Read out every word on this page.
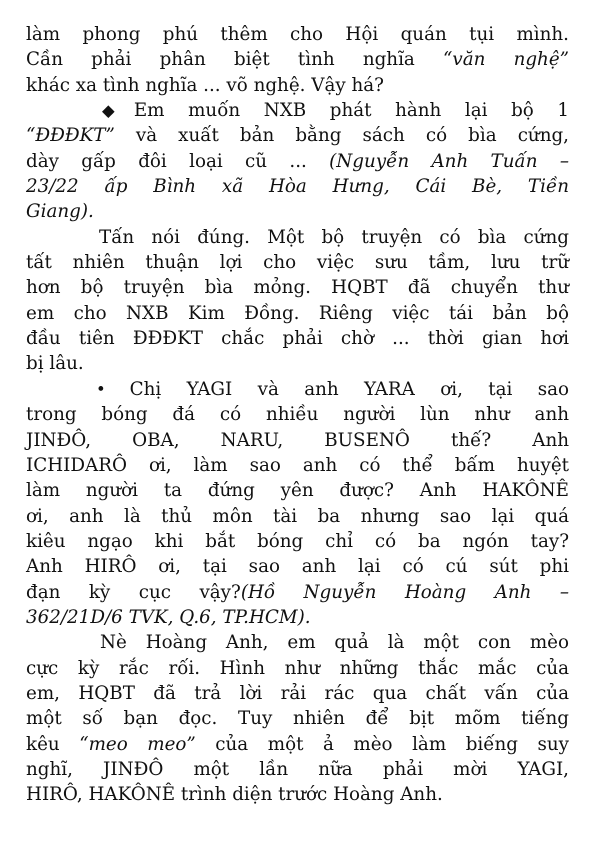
làm phong phú thêm cho Hội quán tụi mình.
Cần phải phân biệt tình nghĩa “văn nghệ”
khác xa tình nghĩa ... võ nghệ. Vậy há?
◆ Em muốn NXB phát hành lại bộ 1
“ĐĐĐKT” và xuất bản bằng sách có bìa cứng,
dày gấp đôi loại cũ ... (Nguyễn Anh Tuấn –
23/22 ấp Bình xã Hòa Hưng, Cái Bè, Tiền
Giang).
Tấn nói đúng. Một bộ truyện có bìa cứng
tất nhiên thuận lợi cho việc sưu tầm, lưu trữ
hơn bộ truyện bìa mỏng. HQBT đã chuyển thư
em cho NXB Kim Đồng. Riêng việc tái bản bộ
đầu tiên ĐĐĐKT chắc phải chờ ... thời gian hơi
bị lâu.
• Chị YAGI và anh YARA ơi, tại sao
trong bóng đá có nhiều người lùn như anh
JINĐÔ, OBA, NARU, BUSENÔ thế? Anh
ICHIDARÔ ơi, làm sao anh có thể bấm huyệt
làm người ta đứng yên được? Anh HAKÔNÊ
ơi, anh là thủ môn tài ba nhưng sao lại quá
kiêu ngạo khi bắt bóng chỉ có ba ngón tay?
Anh HIRÔ ơi, tại sao anh lại có cú sút phi
đạn kỳ cục vậy?(Hồ Nguyễn Hoàng Anh –
362/21D/6 TVK, Q.6, TP.HCM).
Nè Hoàng Anh, em quả là một con mèo
cực kỳ rắc rối. Hình như những thắc mắc của
em, HQBT đã trả lời rải rác qua chất vấn của
một số bạn đọc. Tuy nhiên để bịt mõm tiếng
kêu “meo meo” của một ả mèo làm biếng suy
nghĩ, JINĐÔ một lần nữa phải mời YAGI,
HIRÔ, HAKÔNÊ trình diện trước Hoàng Anh.
